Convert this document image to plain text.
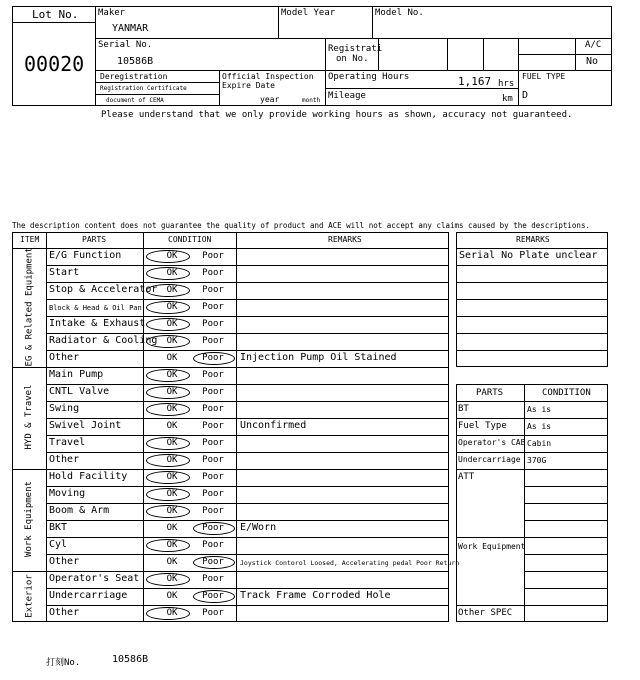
Lot No.
00020
Maker
YANMAR
Model Year	Model No.
Serial No.
10586B
Registrati
on No.
A/C
No
Deregistration
Registration Certificate
document of CEMA
Official Inspection
Expire Date
year	month
Operating Hours	1,167 hrs
Mileage	km
FUEL TYPE
D
Please understand that we only provide working hours as shown, accuracy not guaranteed.
The description content does not guarantee the quality of product and ACE will not accept any claims caused by the descriptions.
ITEM	PARTS	CONDITION	REMARKS
EG & Related Equipment E/G Function	OK	Poor
Start	OK	Poor
Stop & Accelerator	OK	Poor
Block & Head & Oil Pan	OK	Poor
Intake & Exhaust	OK	Poor
Radiator & Cooling	OK	Poor
Other	OK	Poor	Injection Pump Oil Stained
HYD & Travel
Main Pump	OK	Poor
CNTL Valve	OK	Poor
Swing	OK	Poor
Swivel Joint	OK	Poor	Unconfirmed
Travel	OK	Poor
Other	OK	Poor
Work Equipment
Hold Facility	OK	Poor
Moving	OK	Poor
Boom & Arm	OK	Poor
BKT	OK	Poor	E/Worn
Cyl	OK	Poor
Other	OK	Poor	Joystick Contorol Loosed, Accelerating pedal Poor Return
Exterior Operator's Seat	OK	Poor
Undercarriage	OK	Poor	Track Frame Corroded Hole
Other	OK	Poor
REMARKS
Serial No Plate unclear
PARTS	CONDITION
BT	As is
Fuel Type	As is
Operator's CAB Cabin
Undercarriage 370G
ATT
Work Equipment
Other SPEC
打刻No.	10586B
